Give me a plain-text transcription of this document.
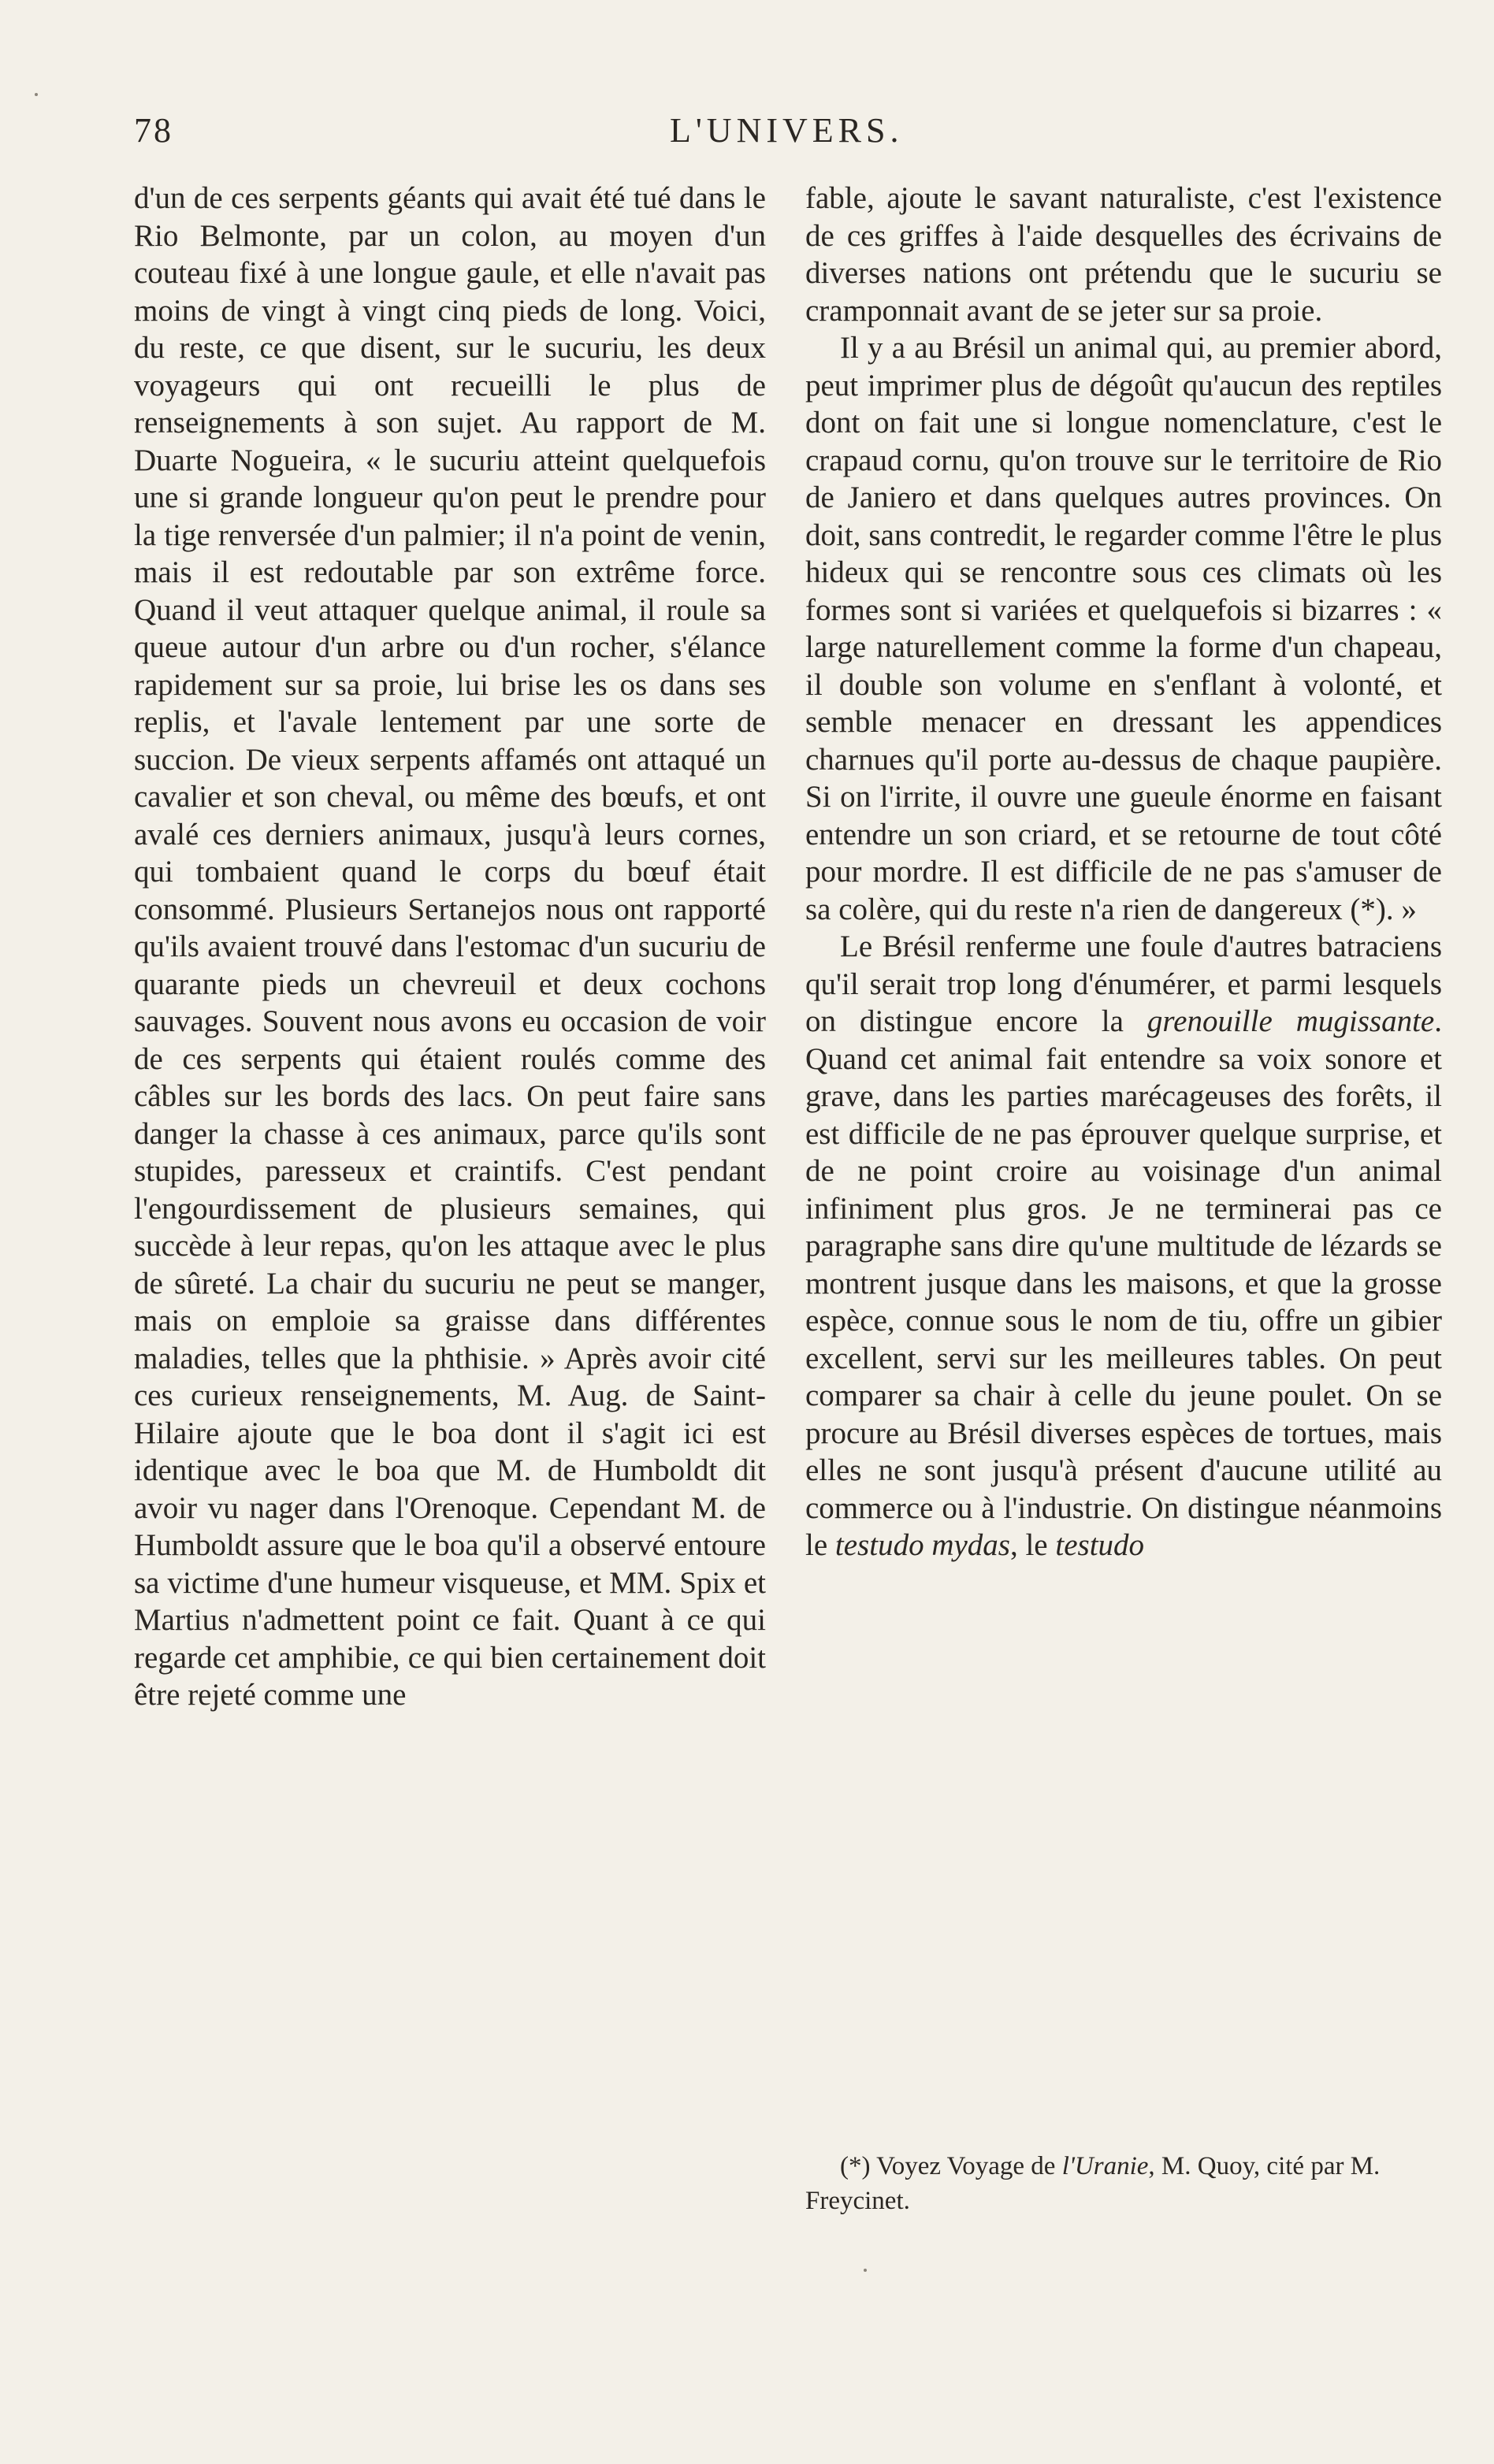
78	L'UNIVERS.

d'un de ces serpents géants qui avait été tué dans le Rio Belmonte, par un colon, au moyen d'un couteau fixé à une longue gaule, et elle n'avait pas moins de vingt à vingt cinq pieds de long. Voici, du reste, ce que disent, sur le sucuriu, les deux voyageurs qui ont recueilli le plus de renseignements à son sujet. Au rapport de M. Duarte Nogueira, « le sucuriu atteint quelquefois une si grande longueur qu'on peut le prendre pour la tige renversée d'un palmier; il n'a point de venin, mais il est redoutable par son extrême force. Quand il veut attaquer quelque animal, il roule sa queue autour d'un arbre ou d'un rocher, s'élance rapidement sur sa proie, lui brise les os dans ses replis, et l'avale lentement par une sorte de succion. De vieux serpents affamés ont attaqué un cavalier et son cheval, ou même des bœufs, et ont avalé ces derniers animaux, jusqu'à leurs cornes, qui tombaient quand le corps du bœuf était consommé. Plusieurs Sertanejos nous ont rapporté qu'ils avaient trouvé dans l'estomac d'un sucuriu de quarante pieds un chevreuil et deux cochons sauvages. Souvent nous avons eu occasion de voir de ces serpents qui étaient roulés comme des câbles sur les bords des lacs. On peut faire sans danger la chasse à ces animaux, parce qu'ils sont stupides, paresseux et craintifs. C'est pendant l'engourdissement de plusieurs semaines, qui succède à leur repas, qu'on les attaque avec le plus de sûreté. La chair du sucuriu ne peut se manger, mais on emploie sa graisse dans différentes maladies, telles que la phthisie. » Après avoir cité ces curieux renseignements, M. Aug. de Saint-Hilaire ajoute que le boa dont il s'agit ici est identique avec le boa que M. de Humboldt dit avoir vu nager dans l'Orenoque. Cependant M. de Humboldt assure que le boa qu'il a observé entoure sa victime d'une humeur visqueuse, et MM. Spix et Martius n'admettent point ce fait. Quant à ce qui regarde cet amphibie, ce qui bien certainement doit être rejeté comme une

fable, ajoute le savant naturaliste, c'est l'existence de ces griffes à l'aide desquelles des écrivains de diverses nations ont prétendu que le sucuriu se cramponnait avant de se jeter sur sa proie.

Il y a au Brésil un animal qui, au premier abord, peut imprimer plus de dégoût qu'aucun des reptiles dont on fait une si longue nomenclature, c'est le crapaud cornu, qu'on trouve sur le territoire de Rio de Janiero et dans quelques autres provinces. On doit, sans contredit, le regarder comme l'être le plus hideux qui se rencontre sous ces climats où les formes sont si variées et quelquefois si bizarres : « large naturellement comme la forme d'un chapeau, il double son volume en s'enflant à volonté, et semble menacer en dressant les appendices charnues qu'il porte au-dessus de chaque paupière. Si on l'irrite, il ouvre une gueule énorme en faisant entendre un son criard, et se retourne de tout côté pour mordre. Il est difficile de ne pas s'amuser de sa colère, qui du reste n'a rien de dangereux (*). »

Le Brésil renferme une foule d'autres batraciens qu'il serait trop long d'énumérer, et parmi lesquels on distingue encore la grenouille mugissante. Quand cet animal fait entendre sa voix sonore et grave, dans les parties marécageuses des forêts, il est difficile de ne pas éprouver quelque surprise, et de ne point croire au voisinage d'un animal infiniment plus gros. Je ne terminerai pas ce paragraphe sans dire qu'une multitude de lézards se montrent jusque dans les maisons, et que la grosse espèce, connue sous le nom de tiu, offre un gibier excellent, servi sur les meilleures tables. On peut comparer sa chair à celle du jeune poulet. On se procure au Brésil diverses espèces de tortues, mais elles ne sont jusqu'à présent d'aucune utilité au commerce ou à l'industrie. On distingue néanmoins le testudo mydas, le testudo

(*) Voyez Voyage de l'Uranie, M. Quoy, cité par M. Freycinet.
